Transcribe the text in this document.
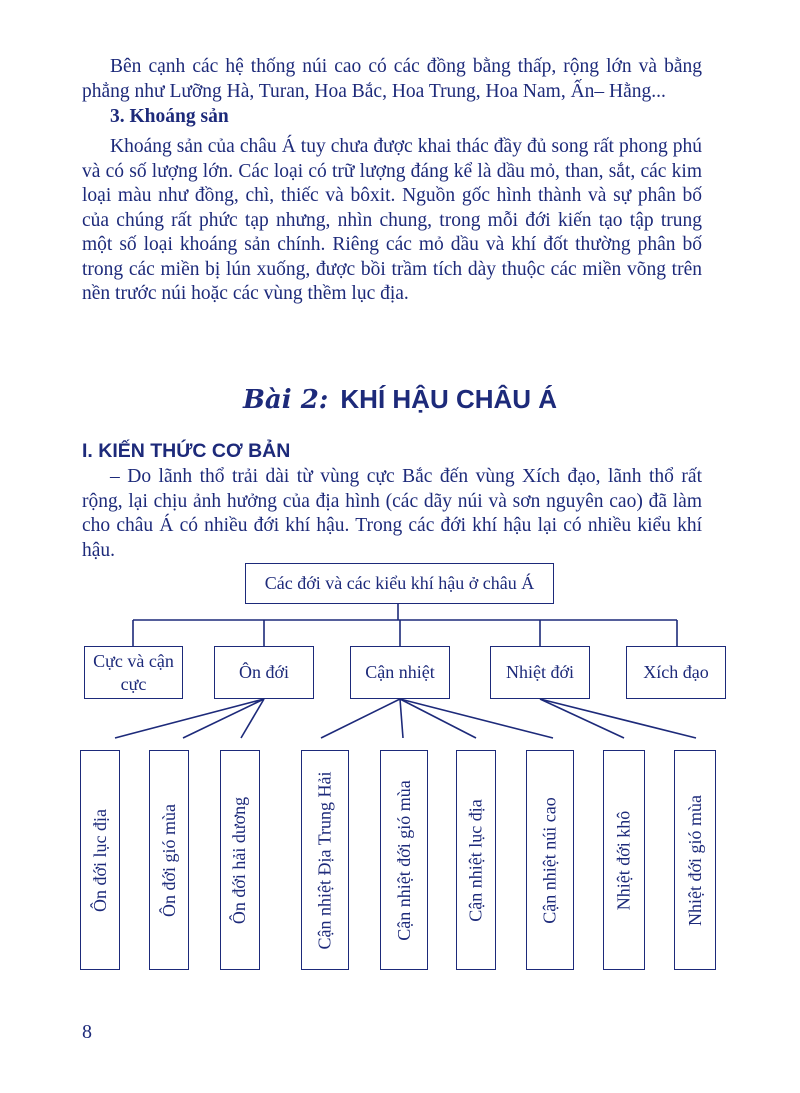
Bên cạnh các hệ thống núi cao có các đồng bằng thấp, rộng lớn và bằng phẳng như Lưỡng Hà, Turan, Hoa Bắc, Hoa Trung, Hoa Nam, Ấn– Hằng...

3. Khoáng sản

Khoáng sản của châu Á tuy chưa được khai thác đầy đủ song rất phong phú và có số lượng lớn. Các loại có trữ lượng đáng kể là dầu mỏ, than, sắt, các kim loại màu như đồng, chì, thiếc và bôxit. Nguồn gốc hình thành và sự phân bố của chúng rất phức tạp nhưng, nhìn chung, trong mỗi đới kiến tạo tập trung một số loại khoáng sản chính. Riêng các mỏ dầu và khí đốt thường phân bố trong các miền bị lún xuống, được bồi trầm tích dày thuộc các miền võng trên nền trước núi hoặc các vùng thềm lục địa.

Bài 2: KHÍ HẬU CHÂU Á

I. KIẾN THỨC CƠ BẢN

– Do lãnh thổ trải dài từ vùng cực Bắc đến vùng Xích đạo, lãnh thổ rất rộng, lại chịu ảnh hưởng của địa hình (các dãy núi và sơn nguyên cao) đã làm cho châu Á có nhiều đới khí hậu. Trong các đới khí hậu lại có nhiều kiểu khí hậu.

Các đới và các kiểu khí hậu ở châu Á
Cực và cận cực
Ôn đới	Cận nhiệt	Nhiệt đới	Xích đạo
Ôn đới lục địa	Ôn đới gió mùa	Ôn đới hải dương	Cận nhiệt Địa Trung Hải	Cận nhiệt đới gió mùa	Cận nhiệt lục địa	Cận nhiệt núi cao	Nhiệt đới khô	Nhiệt đới gió mùa
8
